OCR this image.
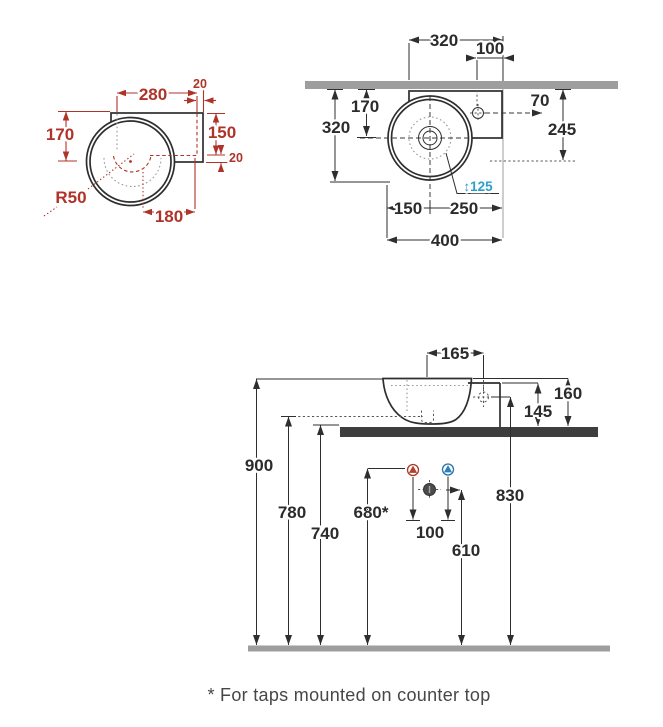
280
20
170	150
20
R50
180
70
320 100
170
320	245
↕125
150 250
400
165
160
145
900
780
740
680*
830
100
610
* For taps mounted on counter top
